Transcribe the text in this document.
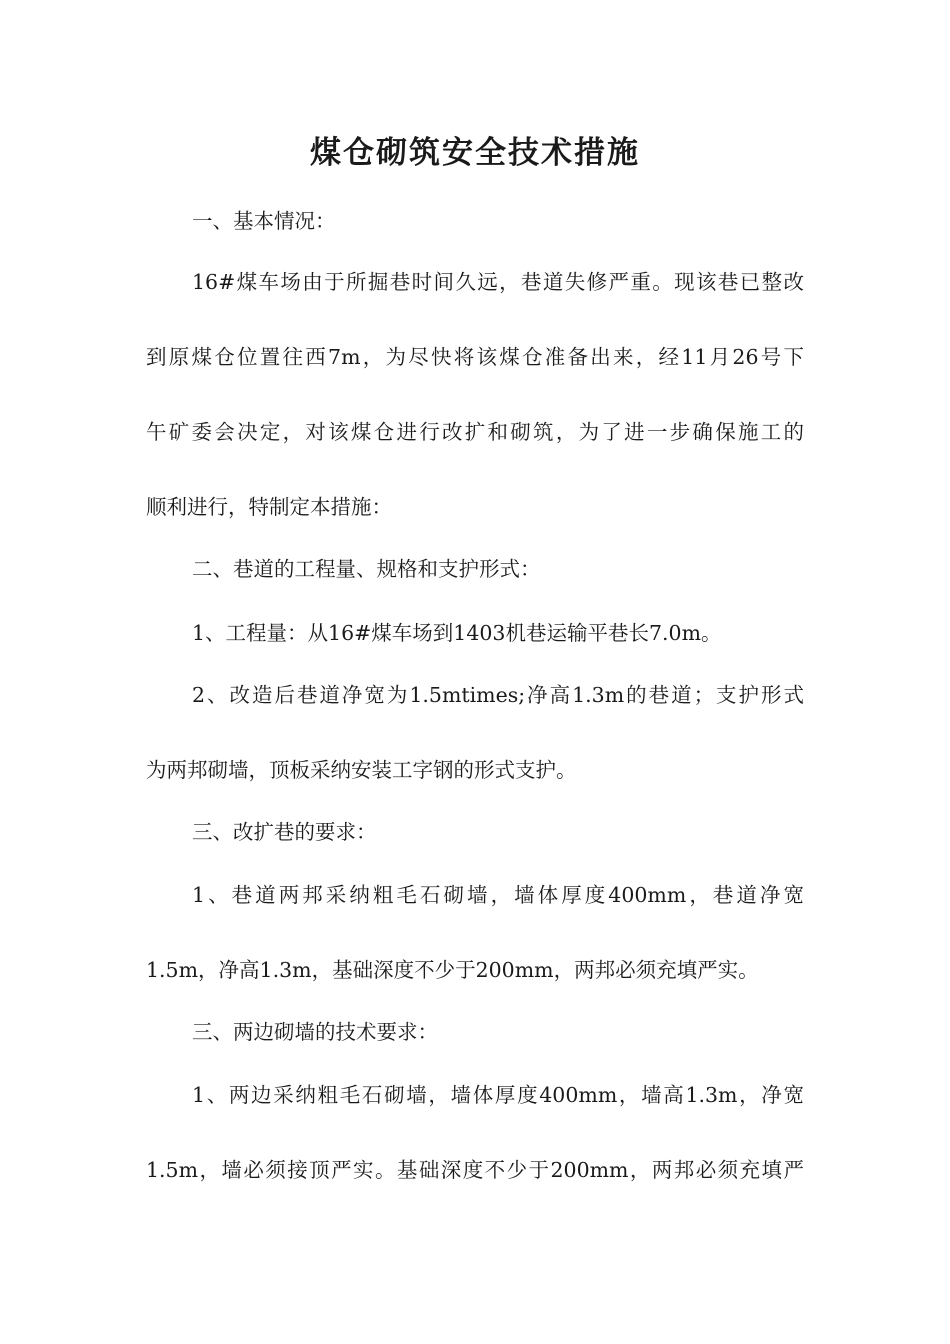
煤仓砌筑安全技术措施
一、基本情况：
16#煤车场由于所掘巷时间久远，巷道失修严重。现该巷已整改
到原煤仓位置往西7m，为尽快将该煤仓准备出来，经11月26号下
午矿委会决定，对该煤仓进行改扩和砌筑，为了进一步确保施工的
顺利进行，特制定本措施：
二、巷道的工程量、规格和支护形式：
1、工程量：从16#煤车场到1403机巷运输平巷长7.0m。
2、改造后巷道净宽为1.5mtimes;净高1.3m的巷道；支护形式
为两邦砌墙，顶板采纳安装工字钢的形式支护。
三、改扩巷的要求：
1、巷道两邦采纳粗毛石砌墙，墙体厚度400mm，巷道净宽
1.5m，净高1.3m，基础深度不少于200mm，两邦必须充填严实。
三、两边砌墙的技术要求：
1、两边采纳粗毛石砌墙，墙体厚度400mm，墙高1.3m，净宽
1.5m，墙必须接顶严实。基础深度不少于200mm，两邦必须充填严
